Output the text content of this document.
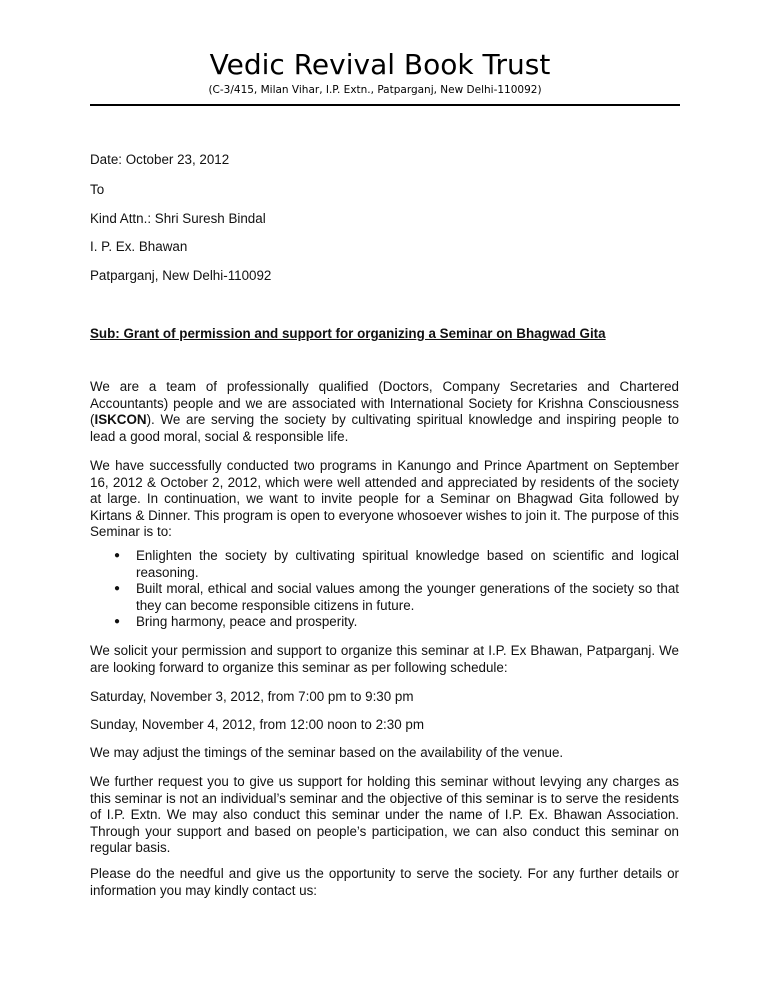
Vedic Revival Book Trust
(C-3/415, Milan Vihar, I.P. Extn., Patparganj, New Delhi-110092)
Date: October 23, 2012
To
Kind Attn.: Shri Suresh Bindal
I. P. Ex. Bhawan
Patparganj, New Delhi-110092
Sub: Grant of permission and support for organizing a Seminar on Bhagwad Gita
We are a team of professionally qualified (Doctors, Company Secretaries and Chartered Accountants) people and we are associated with International Society for Krishna Consciousness (ISKCON). We are serving the society by cultivating spiritual knowledge and inspiring people to lead a good moral, social & responsible life.
We have successfully conducted two programs in Kanungo and Prince Apartment on September 16, 2012 & October 2, 2012, which were well attended and appreciated by residents of the society at large. In continuation, we want to invite people for a Seminar on Bhagwad Gita followed by Kirtans & Dinner. This program is open to everyone whosoever wishes to join it. The purpose of this Seminar is to:
● Enlighten the society by cultivating spiritual knowledge based on scientific and logical reasoning.
● Built moral, ethical and social values among the younger generations of the society so that they can become responsible citizens in future.
● Bring harmony, peace and prosperity.
We solicit your permission and support to organize this seminar at I.P. Ex Bhawan, Patparganj. We are looking forward to organize this seminar as per following schedule:
Saturday, November 3, 2012, from 7:00 pm to 9:30 pm
Sunday, November 4, 2012, from 12:00 noon to 2:30 pm
We may adjust the timings of the seminar based on the availability of the venue.
We further request you to give us support for holding this seminar without levying any charges as this seminar is not an individual’s seminar and the objective of this seminar is to serve the residents of I.P. Extn. We may also conduct this seminar under the name of I.P. Ex. Bhawan Association. Through your support and based on people’s participation, we can also conduct this seminar on regular basis.
Please do the needful and give us the opportunity to serve the society. For any further details or information you may kindly contact us:
